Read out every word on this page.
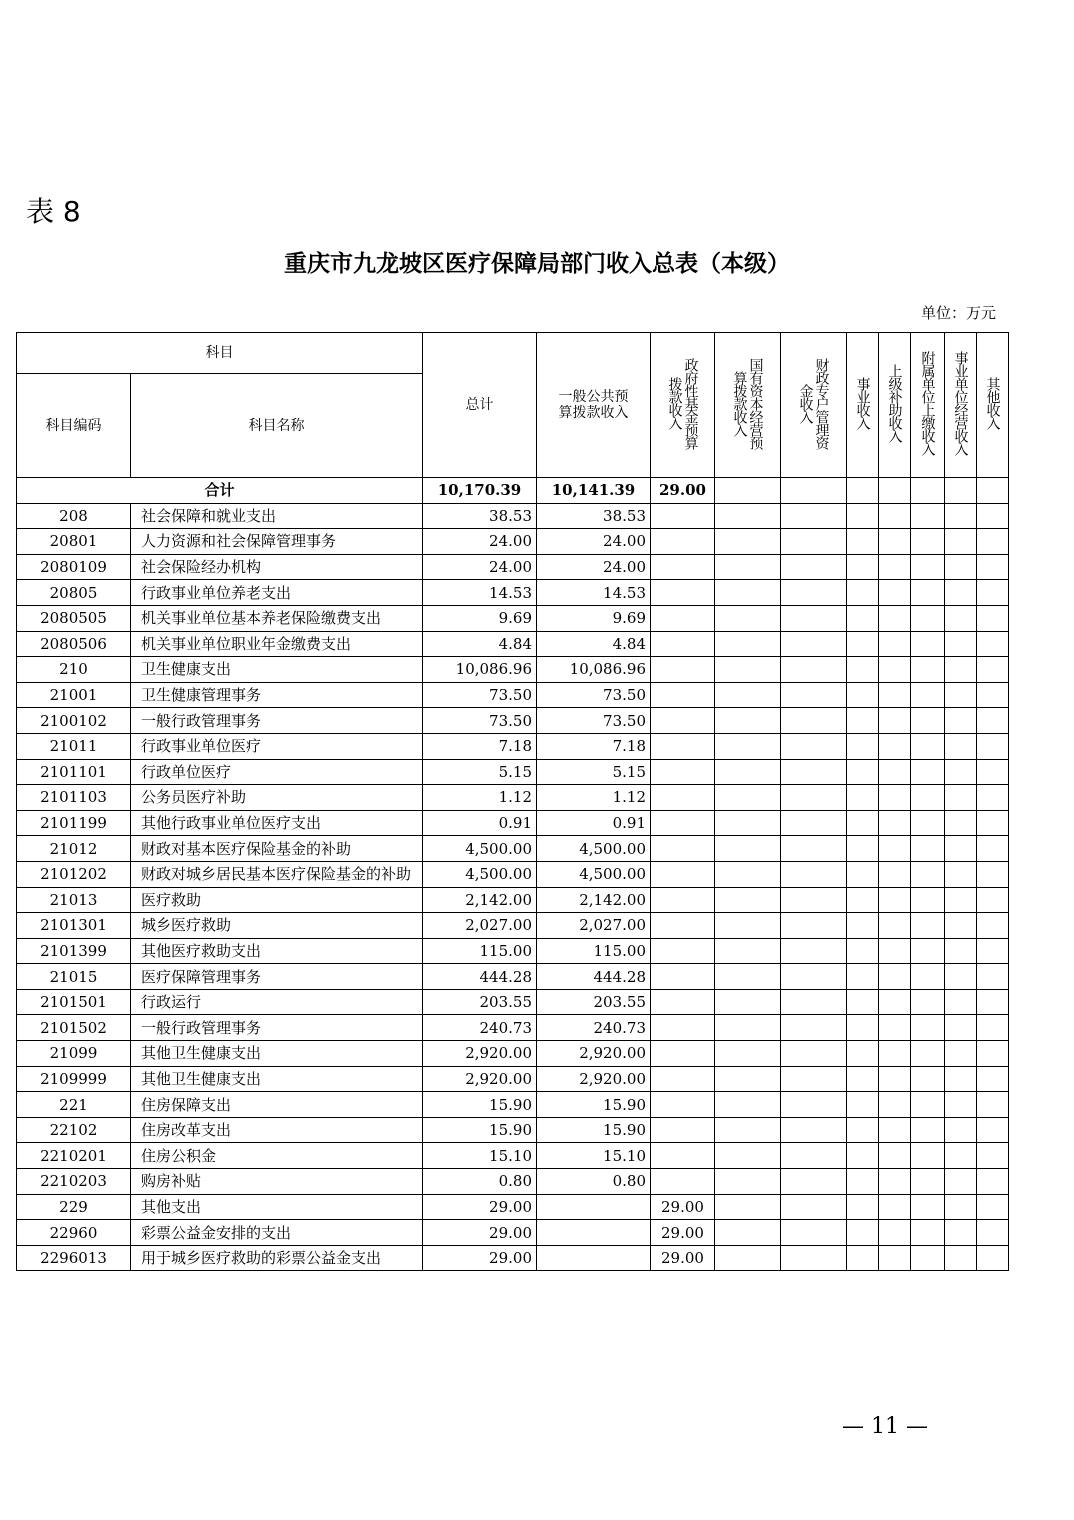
表 8
重庆市九龙坡区医疗保障局部门收入总表（本级）
单位：万元
科目		总计	一般公共预算拨款收入	政府性基金预算拨款收入	国有资本经营预算拨款收入	财政专户管理资金收入	事业收入	上级补助收入	附属单位上缴收入	事业单位经营收入	其他收入
科目编码	科目名称										
合计		10,170.39	10,141.39	29.00							
208	社会保障和就业支出	38.53	38.53								
20801	人力资源和社会保障管理事务	24.00	24.00								
2080109	社会保险经办机构	24.00	24.00								
20805	行政事业单位养老支出	14.53	14.53								
2080505	机关事业单位基本养老保险缴费支出	9.69	9.69								
2080506	机关事业单位职业年金缴费支出	4.84	4.84								
210	卫生健康支出	10,086.96	10,086.96								
21001	卫生健康管理事务	73.50	73.50								
2100102	一般行政管理事务	73.50	73.50								
21011	行政事业单位医疗	7.18	7.18								
2101101	行政单位医疗	5.15	5.15								
2101103	公务员医疗补助	1.12	1.12								
2101199	其他行政事业单位医疗支出	0.91	0.91								
21012	财政对基本医疗保险基金的补助	4,500.00	4,500.00								
2101202	财政对城乡居民基本医疗保险基金的补助	4,500.00	4,500.00								
21013	医疗救助	2,142.00	2,142.00								
2101301	城乡医疗救助	2,027.00	2,027.00								
2101399	其他医疗救助支出	115.00	115.00								
21015	医疗保障管理事务	444.28	444.28								
2101501	行政运行	203.55	203.55								
2101502	一般行政管理事务	240.73	240.73								
21099	其他卫生健康支出	2,920.00	2,920.00								
2109999	其他卫生健康支出	2,920.00	2,920.00								
221	住房保障支出	15.90	15.90								
22102	住房改革支出	15.90	15.90								
2210201	住房公积金	15.10	15.10								
2210203	购房补贴	0.80	0.80								
229	其他支出	29.00		29.00							
22960	彩票公益金安排的支出	29.00		29.00							
2296013	用于城乡医疗救助的彩票公益金支出	29.00		29.00							
— 11 —
